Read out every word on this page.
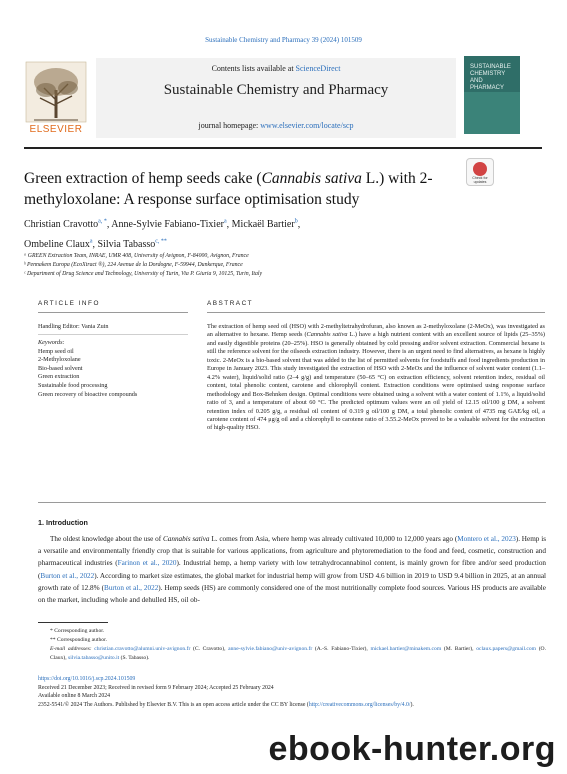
Sustainable Chemistry and Pharmacy 39 (2024) 101509
ELSEVIER
Contents lists available at ScienceDirect
Sustainable Chemistry and Pharmacy
journal homepage: www.elsevier.com/locate/scp
SUSTAINABLE CHEMISTRY AND PHARMACY
Green extraction of hemp seeds cake (Cannabis sativa L.) with 2-methyloxolane: A response surface optimisation study
Check for updates
Christian Cravotto$^{a, *}$, Anne-Sylvie Fabiano-Tixier$^a$, Mickaël Bartier$^b$,
Ombeline Claux$^a$, Silvia Tabasso$^{c, **}$
ᵃ GREEN Extraction Team, INRAE, UMR 408, University of Avignon, F-84000, Avignon, France
ᵇ Pennakem Europa (EcoXtract ®), 224 Avenue de la Dordogne, F-59944, Dunkerque, France
ᶜ Department of Drug Science and Technology, University of Turin, Via P. Giuria 9, 10125, Turin, Italy
ARTICLE INFO	ABSTRACT
Handling Editor: Vania Zuin
Keywords:
Hemp seed oil
2-Methyloxolane
Bio-based solvent
Green extraction
Sustainable food processing
Green recovery of bioactive compounds
The extraction of hemp seed oil (HSO) with 2-methyltetrahydrofuran, also known as 2-methyloxolane (2-MeOx), was investigated as an alternative to hexane. Hemp seeds (Cannabis sativa L.) have a high nutrient content with an excellent source of lipids (25–35%) and easily digestible proteins (20–25%). HSO is generally obtained by cold pressing and/or solvent extraction. Commercial hexane is still the reference solvent for the oilseeds extraction industry. However, there is an urgent need to find alternatives, as hexane is highly toxic. 2-MeOx is a bio-based solvent that was added to the list of permitted solvents for foodstuffs and food ingredients production in Europe in January 2023. This study investigated the extraction of HSO with 2-MeOx and the influence of solvent water content (1.1–4.2% water), liquid/solid ratio (2–4 g/g) and temperature (50–65 °C) on extraction efficiency, solvent retention index, residual oil content, total phenolic content, carotene and chlorophyll content. Extraction conditions were optimised using response surface methodology and Box-Behnken design. Optimal conditions were obtained using a solvent with a water content of 1.1%, a liquid/solid ratio of 3, and a temperature of about 60 °C. The predicted optimum values were an oil yield of 12.15 oil/100 g DM, a solvent retention index of 0.205 g/g, a residual oil content of 0.319 g oil/100 g DM, a total phenolic content of 4735 mg GAE/kg oil, a carotene content of 474 μg/g oil and a chlorophyll to carotene ratio of 3.55.2-MeOx proved to be a valuable solvent for the extraction of high-quality HSO.
1. Introduction
The oldest knowledge about the use of Cannabis sativa L. comes from Asia, where hemp was already cultivated 10,000 to 12,000 years ago (Montero et al., 2023). Hemp is a versatile and environmentally friendly crop that is suitable for various applications, from agriculture and phytoremediation to the food and feed, cosmetic, construction and pharmaceutical industries (Farinon et al., 2020). Industrial hemp, a hemp variety with low tetrahydrocannabinol content, is mainly grown for fibre and/or seed production (Burton et al., 2022). According to market size estimates, the global market for industrial hemp will grow from USD 4.6 billion in 2019 to USD 9.4 billion in 2025, at an annual growth rate of 12.8% (Burton et al., 2022). Hemp seeds (HS) are commonly considered one of the most nutritionally complete food sources. Various HS products are available on the market, including whole and dehulled HS, oil ob-
* Corresponding author.
** Corresponding author.
E-mail addresses: christian.cravotto@alumni.univ-avignon.fr (C. Cravotto), anne-sylvie.fabiano@univ-avignon.fr (A.-S. Fabiano-Tixier), mickael.bartier@minakem.com (M. Bartier), oclaux.papers@gmail.com (O. Claux), silvia.tabasso@unito.it (S. Tabasso).
https://doi.org/10.1016/j.scp.2024.101509
Received 21 December 2023; Received in revised form 9 February 2024; Accepted 25 February 2024
Available online 8 March 2024
2352-5541/© 2024 The Authors. Published by Elsevier B.V. This is an open access article under the CC BY license (http://creativecommons.org/licenses/by/4.0/).
ebook-hunter.org
